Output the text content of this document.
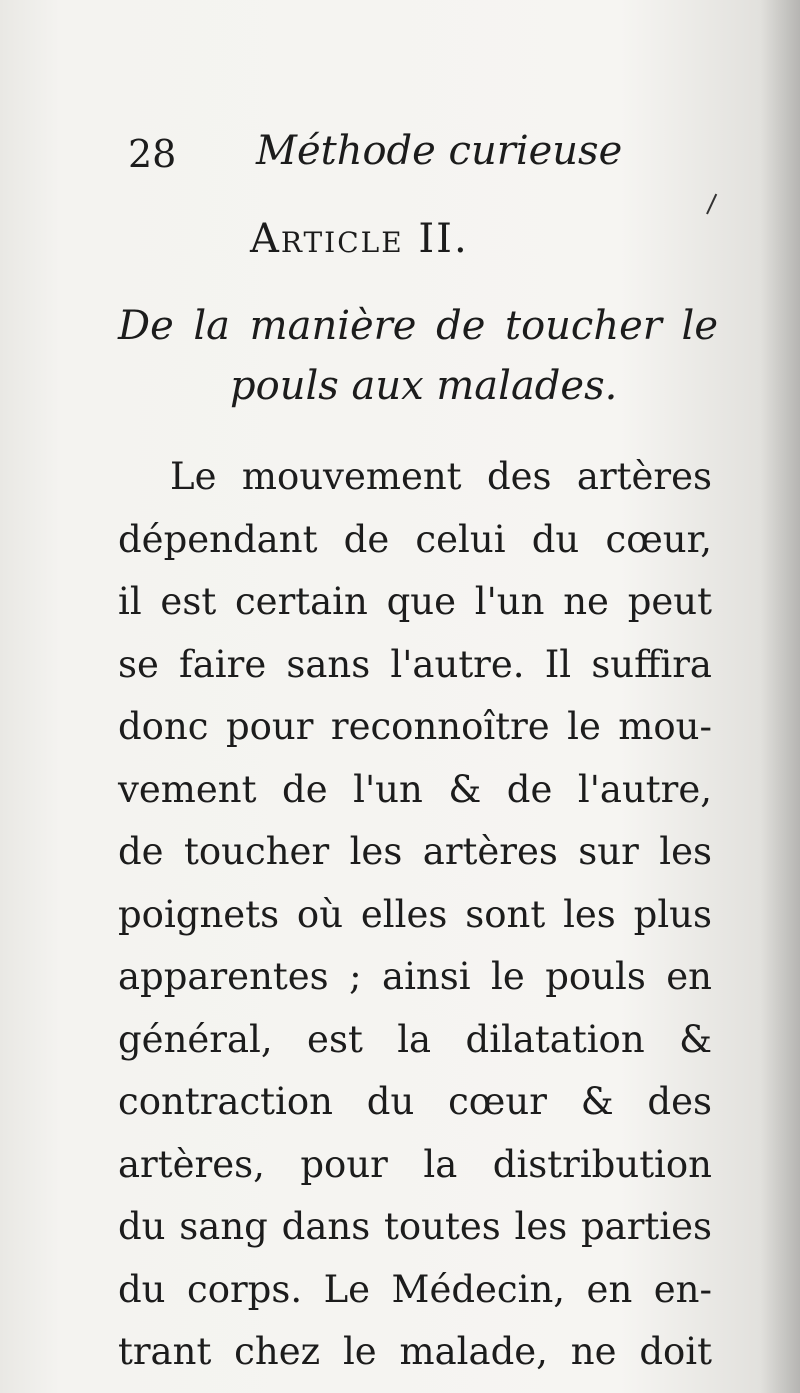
28 Méthode curieuse
Article II.
De la manière de toucher le
pouls aux malades.
Le mouvement des artères
dépendant de celui du cœur,
il est certain que l'un ne peut
se faire sans l'autre. Il suffira
donc pour reconnoître le mou-
vement de l'un & de l'autre,
de toucher les artères sur les
poignets où elles sont les plus
apparentes ; ainsi le pouls en
général, est la dilatation &
contraction du cœur & des
artères, pour la distribution
du sang dans toutes les parties
du corps. Le Médecin, en en-
trant chez le malade, ne doit
